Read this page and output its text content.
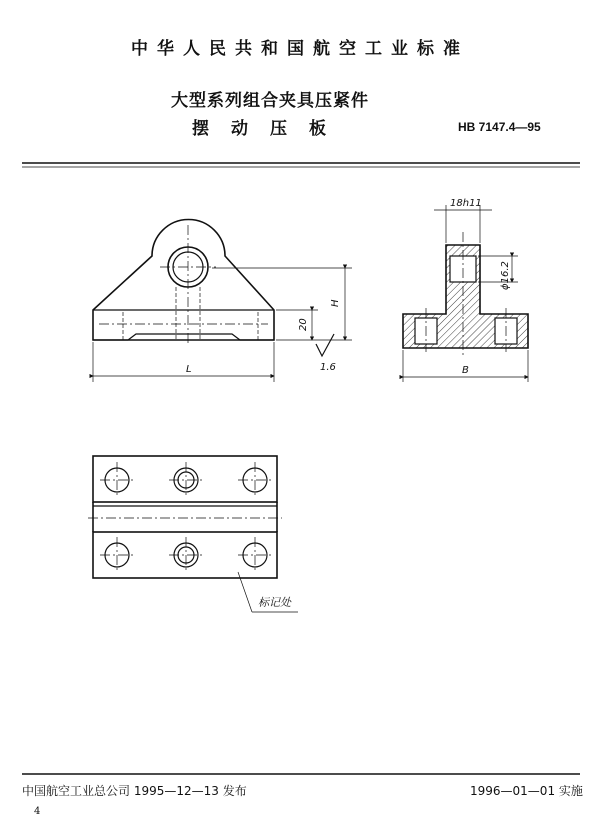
中华人民共和国航空工业标准
大型系列组合夹具压紧件
摆动压板	HB 7147.4—95
H
20
1.6
L
18h11
ϕ16.2
B
标记处
中国航空工业总公司 1995—12—13 发布	1996—01—01 实施
4
